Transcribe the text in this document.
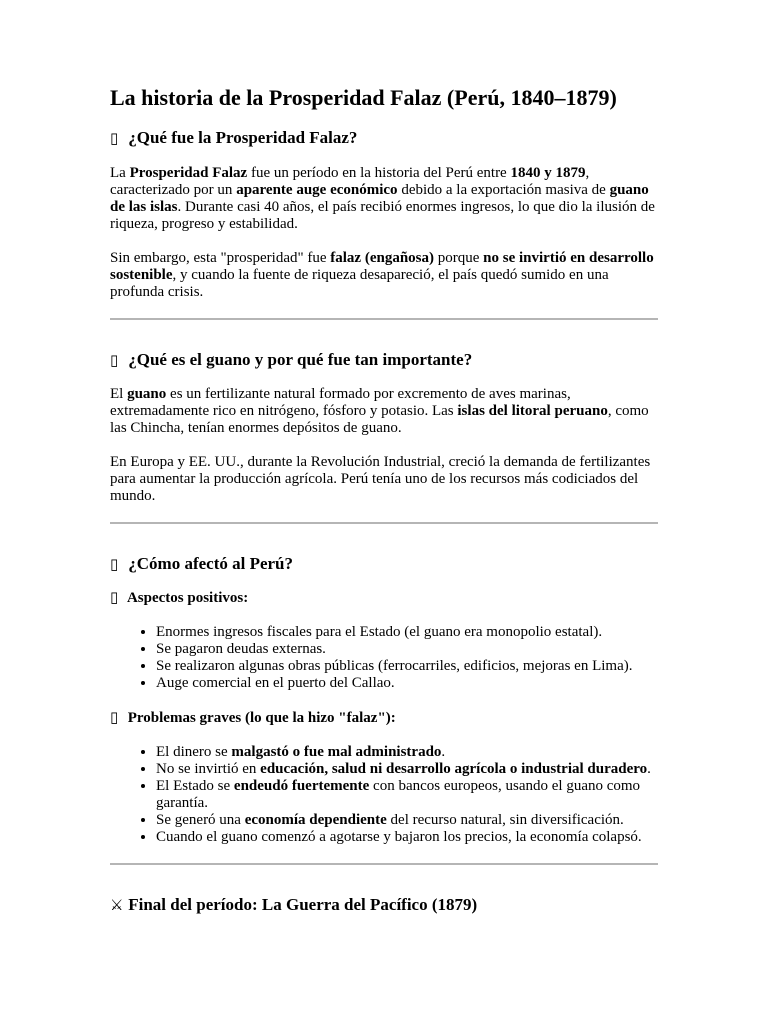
La historia de la Prosperidad Falaz (Perú, 1840–1879)
▯ ¿Qué fue la Prosperidad Falaz?

La Prosperidad Falaz fue un período en la historia del Perú entre 1840 y 1879, caracterizado por un aparente auge económico debido a la exportación masiva de guano de las islas. Durante casi 40 años, el país recibió enormes ingresos, lo que dio la ilusión de riqueza, progreso y estabilidad.

Sin embargo, esta "prosperidad" fue falaz (engañosa) porque no se invirtió en desarrollo sostenible, y cuando la fuente de riqueza desapareció, el país quedó sumido en una profunda crisis.

▯ ¿Qué es el guano y por qué fue tan importante?

El guano es un fertilizante natural formado por excremento de aves marinas, extremadamente rico en nitrógeno, fósforo y potasio. Las islas del litoral peruano, como las Chincha, tenían enormes depósitos de guano.

En Europa y EE. UU., durante la Revolución Industrial, creció la demanda de fertilizantes para aumentar la producción agrícola. Perú tenía uno de los recursos más codiciados del mundo.

▯ ¿Cómo afectó al Perú?
▯ Aspectos positivos:
• Enormes ingresos fiscales para el Estado (el guano era monopolio estatal).
• Se pagaron deudas externas.
• Se realizaron algunas obras públicas (ferrocarriles, edificios, mejoras en Lima).
• Auge comercial en el puerto del Callao.
▯ Problemas graves (lo que la hizo "falaz"):
• El dinero se malgastó o fue mal administrado.
• No se invirtió en educación, salud ni desarrollo agrícola o industrial duradero.
• El Estado se endeudó fuertemente con bancos europeos, usando el guano como garantía.
• Se generó una economía dependiente del recurso natural, sin diversificación.
• Cuando el guano comenzó a agotarse y bajaron los precios, la economía colapsó.
⚔ Final del período: La Guerra del Pacífico (1879)
